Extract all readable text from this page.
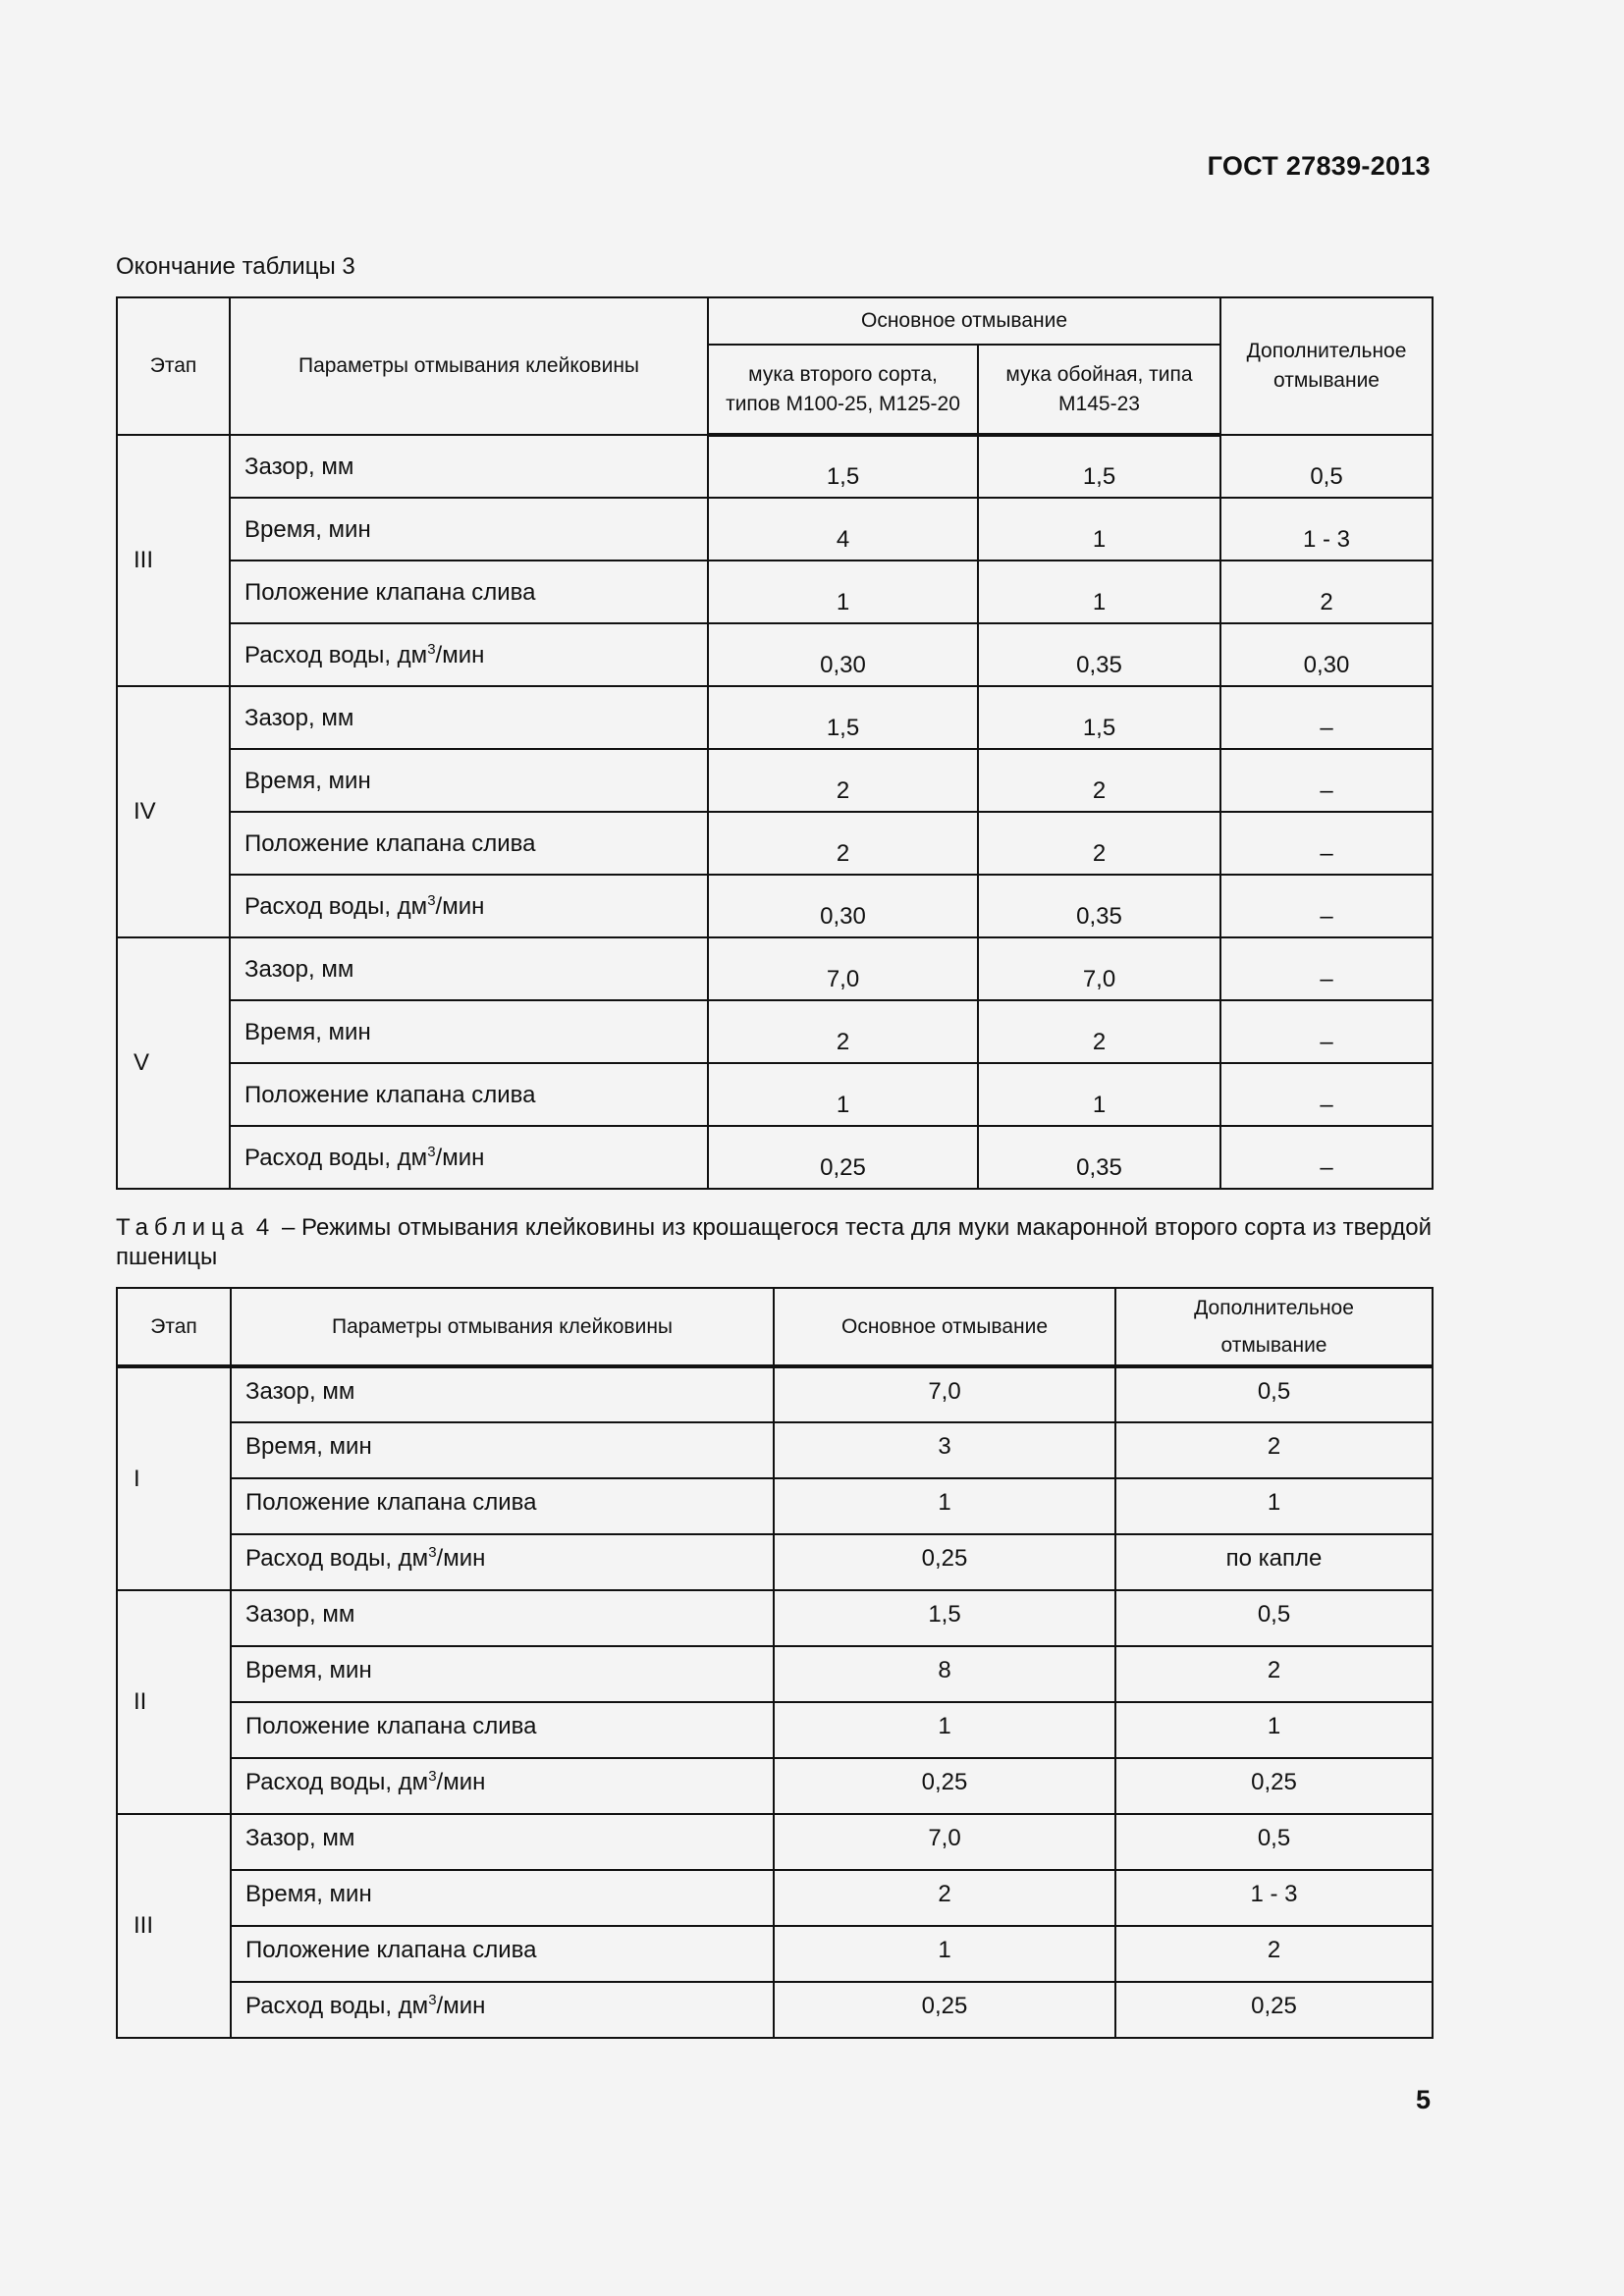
ГОСТ 27839-2013
Окончание таблицы 3
Этап	Параметры отмывания клейковины	Основное отмывание		Дополнительное отмывание
		мука второго сорта, типов М100-25, М125-20	мука обойная, типа М145-23	
III	Зазор, мм	1,5	1,5	0,5
	Время, мин	4	1	1 - 3
	Положение клапана слива	1	1	2
	Расход воды, $дм^3$/мин	0,30	0,35	0,30
IV	Зазор, мм	1,5	1,5	–
	Время, мин	2	2	–
	Положение клапана слива	2	2	–
	Расход воды, $дм^3$/мин	0,30	0,35	–
V	Зазор, мм	7,0	7,0	–
	Время, мин	2	2	–
	Положение клапана слива	1	1	–
	Расход воды, $дм^3$/мин	0,25	0,35	–
Таблица 4 – Режимы отмывания клейковины из крошащегося теста для муки макаронной второго сорта из твердой пшеницы
Этап	Параметры отмывания клейковины	Основное отмывание	Дополнительное отмывание
I	Зазор, мм	7,0	0,5
	Время, мин	3	2
	Положение клапана слива	1	1
	Расход воды, $дм^3$/мин	0,25	по капле
II	Зазор, мм	1,5	0,5
	Время, мин	8	2
	Положение клапана слива	1	1
	Расход воды, $дм^3$/мин	0,25	0,25
III	Зазор, мм	7,0	0,5
	Время, мин	2	1 - 3
	Положение клапана слива	1	2
	Расход воды, $дм^3$/мин	0,25	0,25
5
